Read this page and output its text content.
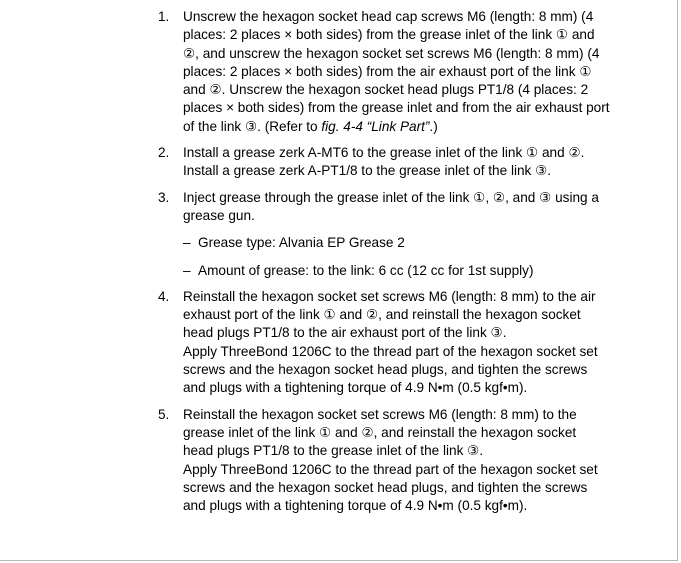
1. Unscrew the hexagon socket head cap screws M6 (length: 8 mm) (4
places: 2 places × both sides) from the grease inlet of the link ① and
②, and unscrew the hexagon socket set screws M6 (length: 8 mm) (4
places: 2 places × both sides) from the air exhaust port of the link ①
and ②. Unscrew the hexagon socket head plugs PT1/8 (4 places: 2
places × both sides) from the grease inlet and from the air exhaust port
of the link ③. (Refer to fig. 4-4 “Link Part”.)
2. Install a grease zerk A-MT6 to the grease inlet of the link ① and ②.
Install a grease zerk A-PT1/8 to the grease inlet of the link ③.
3. Inject grease through the grease inlet of the link ①, ②, and ③ using a
grease gun.
– Grease type: Alvania EP Grease 2
– Amount of grease: to the link: 6 cc (12 cc for 1st supply)
4. Reinstall the hexagon socket set screws M6 (length: 8 mm) to the air
exhaust port of the link ① and ②, and reinstall the hexagon socket
head plugs PT1/8 to the air exhaust port of the link ③.
Apply ThreeBond 1206C to the thread part of the hexagon socket set
screws and the hexagon socket head plugs, and tighten the screws
and plugs with a tightening torque of 4.9 N•m (0.5 kgf•m).
5. Reinstall the hexagon socket set screws M6 (length: 8 mm) to the
grease inlet of the link ① and ②, and reinstall the hexagon socket
head plugs PT1/8 to the grease inlet of the link ③.
Apply ThreeBond 1206C to the thread part of the hexagon socket set
screws and the hexagon socket head plugs, and tighten the screws
and plugs with a tightening torque of 4.9 N•m (0.5 kgf•m).
